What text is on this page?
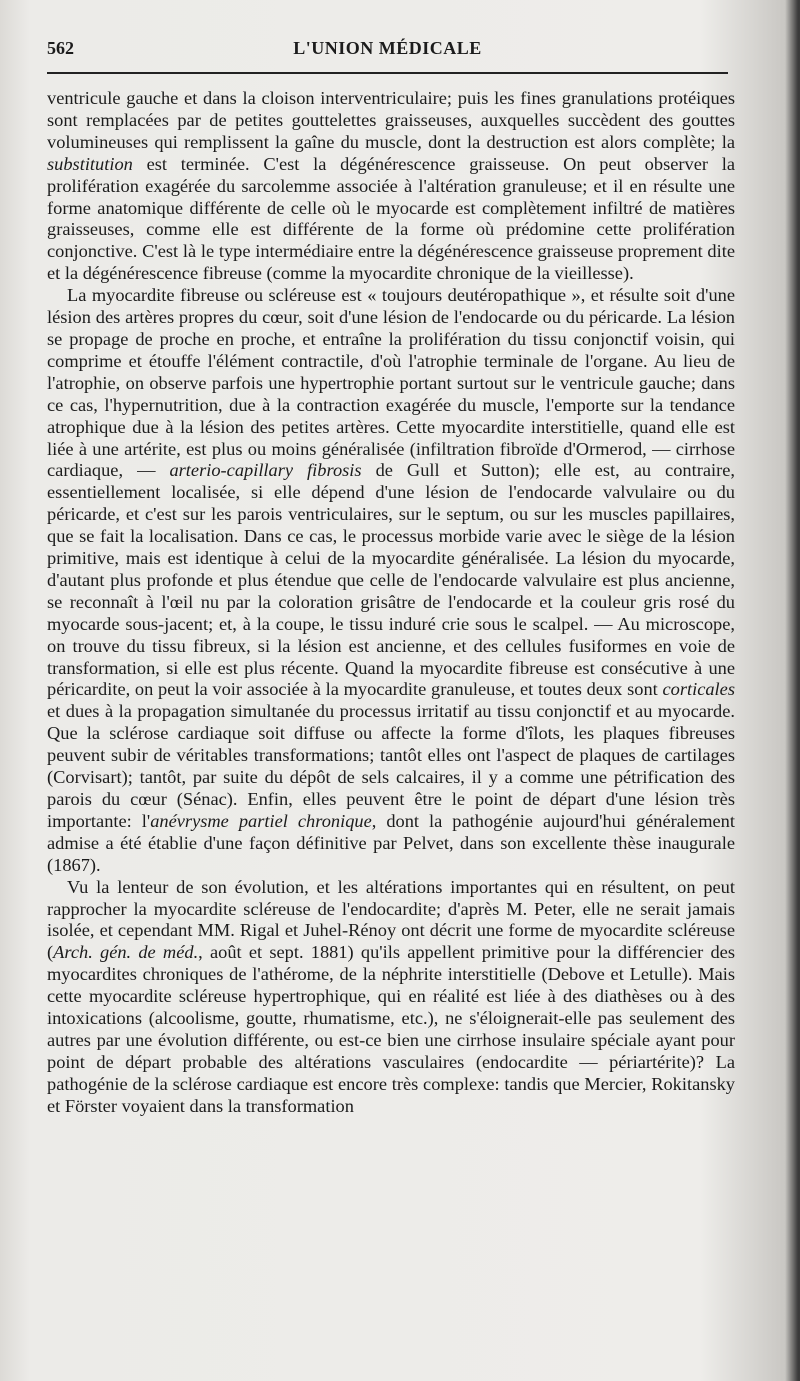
562	L'UNION MÉDICALE

ventricule gauche et dans la cloison interventriculaire; puis les fines granulations protéiques sont remplacées par de petites gouttelettes graisseuses, auxquelles succèdent des gouttes volumineuses qui remplissent la gaîne du muscle, dont la destruction est alors complète; la substitution est terminée. C'est la dégénérescence graisseuse. On peut observer la prolifération exagérée du sarcolemme associée à l'altération granuleuse; et il en résulte une forme anatomique différente de celle où le myocarde est complètement infiltré de matières graisseuses, comme elle est différente de la forme où prédomine cette prolifération conjonctive. C'est là le type intermédiaire entre la dégénérescence graisseuse proprement dite et la dégénérescence fibreuse (comme la myocardite chronique de la vieillesse).

La myocardite fibreuse ou scléreuse est « toujours deutéropathique », et résulte soit d'une lésion des artères propres du cœur, soit d'une lésion de l'endocarde ou du péricarde. La lésion se propage de proche en proche, et entraîne la prolifération du tissu conjonctif voisin, qui comprime et étouffe l'élément contractile, d'où l'atrophie terminale de l'organe. Au lieu de l'atrophie, on observe parfois une hypertrophie portant surtout sur le ventricule gauche; dans ce cas, l'hypernutrition, due à la contraction exagérée du muscle, l'emporte sur la tendance atrophique due à la lésion des petites artères. Cette myocardite interstitielle, quand elle est liée à une artérite, est plus ou moins généralisée (infiltration fibroïde d'Ormerod, — cirrhose cardiaque, — arterio-capillary fibrosis de Gull et Sutton); elle est, au contraire, essentiellement localisée, si elle dépend d'une lésion de l'endocarde valvulaire ou du péricarde, et c'est sur les parois ventriculaires, sur le septum, ou sur les muscles papillaires, que se fait la localisation. Dans ce cas, le processus morbide varie avec le siège de la lésion primitive, mais est identique à celui de la myocardite généralisée. La lésion du myocarde, d'autant plus profonde et plus étendue que celle de l'endocarde valvulaire est plus ancienne, se reconnaît à l'œil nu par la coloration grisâtre de l'endocarde et la couleur gris rosé du myocarde sous-jacent; et, à la coupe, le tissu induré crie sous le scalpel. — Au microscope, on trouve du tissu fibreux, si la lésion est ancienne, et des cellules fusiformes en voie de transformation, si elle est plus récente. Quand la myocardite fibreuse est consécutive à une péricardite, on peut la voir associée à la myocardite granuleuse, et toutes deux sont corticales et dues à la propagation simultanée du processus irritatif au tissu conjonctif et au myocarde. Que la sclérose cardiaque soit diffuse ou affecte la forme d'îlots, les plaques fibreuses peuvent subir de véritables transformations; tantôt elles ont l'aspect de plaques de cartilages (Corvisart); tantôt, par suite du dépôt de sels calcaires, il y a comme une pétrification des parois du cœur (Sénac). Enfin, elles peuvent être le point de départ d'une lésion très importante: l'anévrysme partiel chronique, dont la pathogénie aujourd'hui généralement admise a été établie d'une façon définitive par Pelvet, dans son excellente thèse inaugurale (1867).

Vu la lenteur de son évolution, et les altérations importantes qui en résultent, on peut rapprocher la myocardite scléreuse de l'endocardite; d'après M. Peter, elle ne serait jamais isolée, et cependant MM. Rigal et Juhel-Rénoy ont décrit une forme de myocardite scléreuse (Arch. gén. de méd., août et sept. 1881) qu'ils appellent primitive pour la différencier des myocardites chroniques de l'athérome, de la néphrite interstitielle (Debove et Letulle). Mais cette myocardite scléreuse hypertrophique, qui en réalité est liée à des diathèses ou à des intoxications (alcoolisme, goutte, rhumatisme, etc.), ne s'éloignerait-elle pas seulement des autres par une évolution différente, ou est-ce bien une cirrhose insulaire spéciale ayant pour point de départ probable des altérations vasculaires (endocardite — périartérite)? La pathogénie de la sclérose cardiaque est encore très complexe: tandis que Mercier, Rokitansky et Förster voyaient dans la transformation
